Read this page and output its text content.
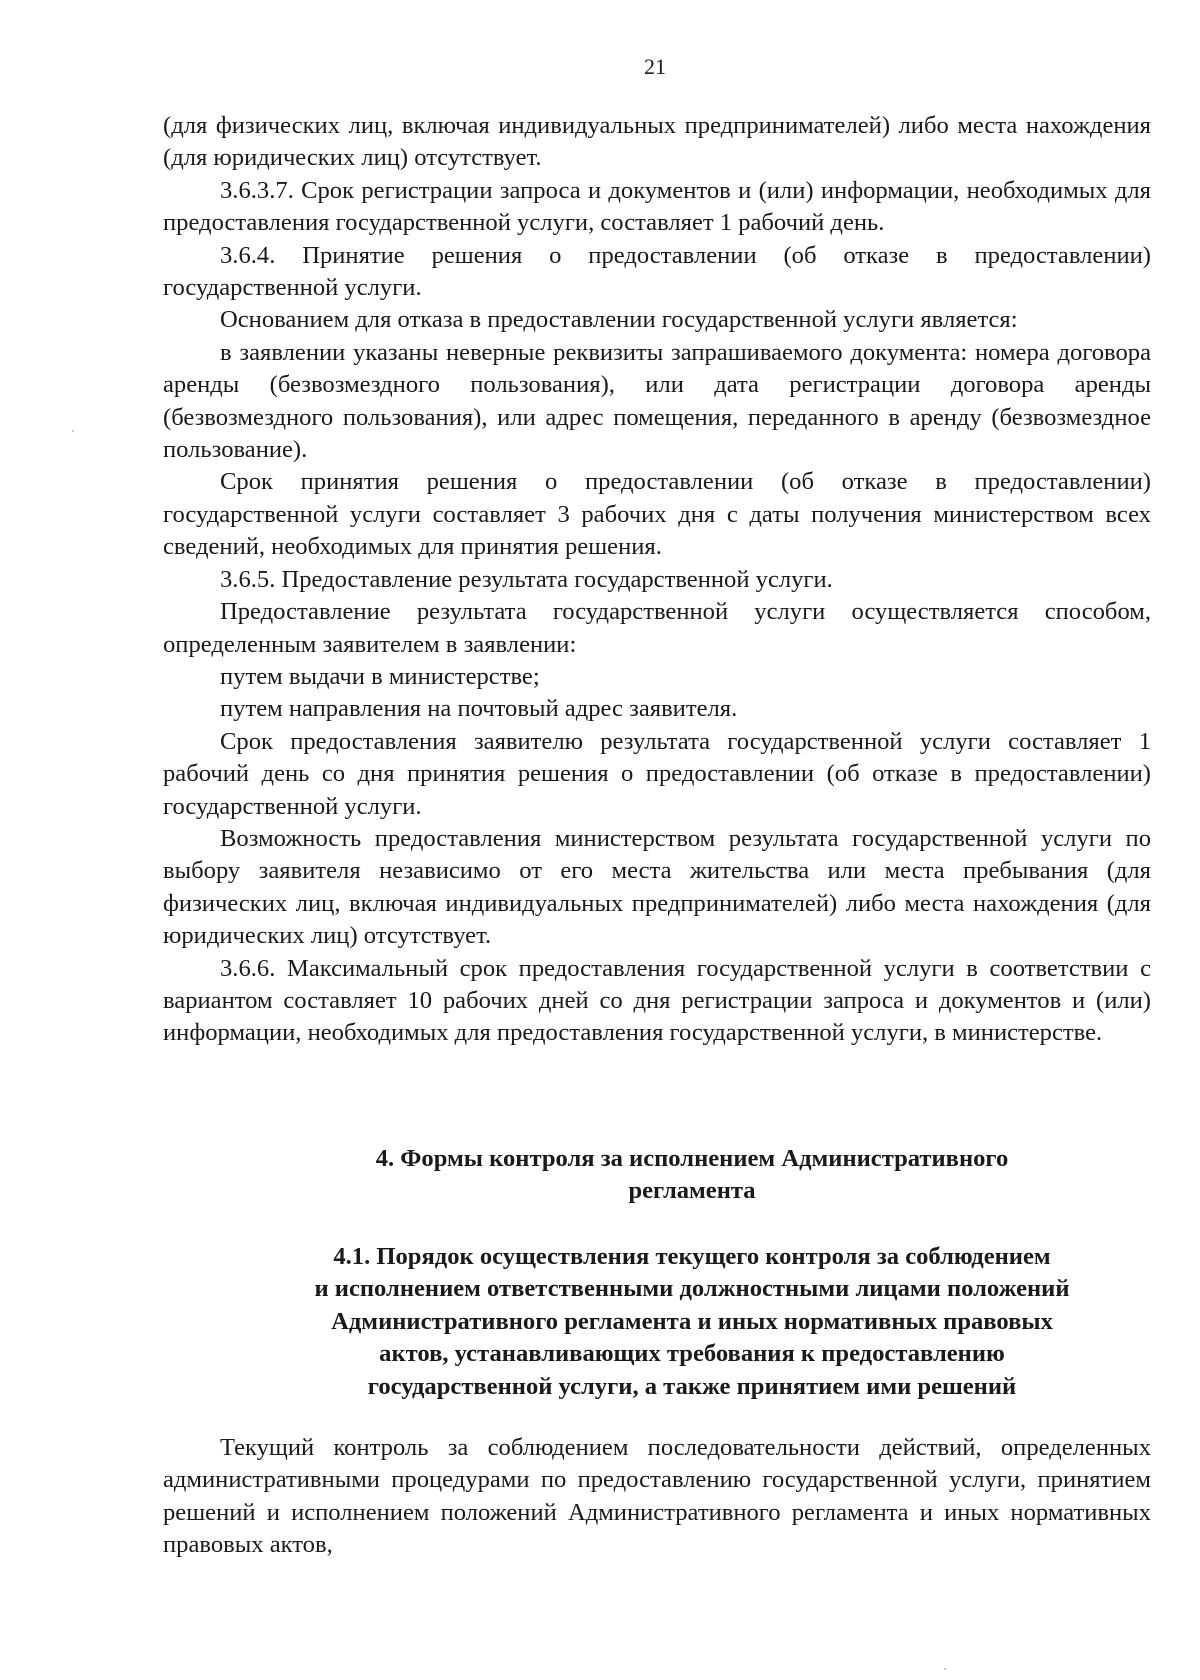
21

(для физических лиц, включая индивидуальных предпринимателей) либо места нахождения (для юридических лиц) отсутствует.

3.6.3.7. Срок регистрации запроса и документов и (или) информации, необходимых для предоставления государственной услуги, составляет 1 рабочий день.

3.6.4. Принятие решения о предоставлении (об отказе в предоставлении) государственной услуги.

Основанием для отказа в предоставлении государственной услуги является:

в заявлении указаны неверные реквизиты запрашиваемого документа: номера договора аренды (безвозмездного пользования), или дата регистрации договора аренды (безвозмездного пользования), или адрес помещения, переданного в аренду (безвозмездное пользование).

Срок принятия решения о предоставлении (об отказе в предоставлении) государственной услуги составляет 3 рабочих дня с даты получения министерством всех сведений, необходимых для принятия решения.

3.6.5. Предоставление результата государственной услуги.

Предоставление результата государственной услуги осуществляется способом, определенным заявителем в заявлении:

путем выдачи в министерстве;

путем направления на почтовый адрес заявителя.

Срок предоставления заявителю результата государственной услуги составляет 1 рабочий день со дня принятия решения о предоставлении (об отказе в предоставлении) государственной услуги.

Возможность предоставления министерством результата государственной услуги по выбору заявителя независимо от его места жительства или места пребывания (для физических лиц, включая индивидуальных предпринимателей) либо места нахождения (для юридических лиц) отсутствует.

3.6.6. Максимальный срок предоставления государственной услуги в соответствии с вариантом составляет 10 рабочих дней со дня регистрации запроса и документов и (или) информации, необходимых для предоставления государственной услуги, в министерстве.

4. Формы контроля за исполнением Административного
регламента
4.1. Порядок осуществления текущего контроля за соблюдением
и исполнением ответственными должностными лицами положений
Административного регламента и иных нормативных правовых
актов, устанавливающих требования к предоставлению
государственной услуги, а также принятием ими решений

Текущий контроль за соблюдением последовательности действий, определенных административными процедурами по предоставлению государственной услуги, принятием решений и исполнением положений Административного регламента и иных нормативных правовых актов,
